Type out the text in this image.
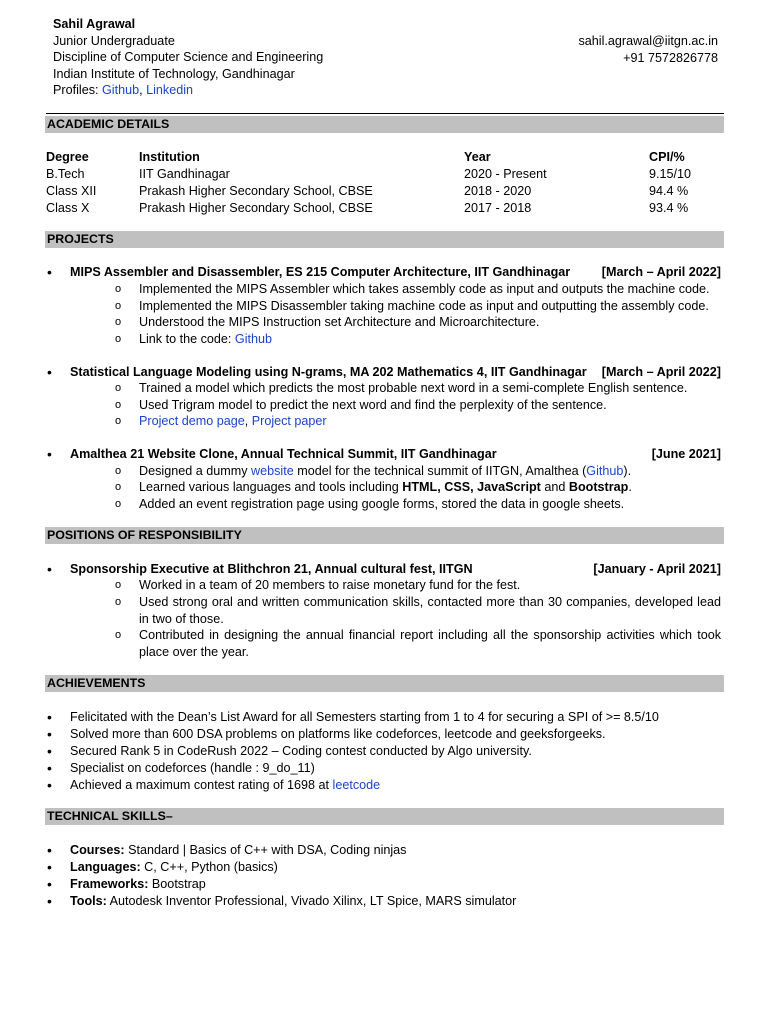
Sahil Agrawal
Junior Undergraduate
Discipline of Computer Science and Engineering
Indian Institute of Technology, Gandhinagar
Profiles: Github, Linkedin
sahil.agrawal@iitgn.ac.in
+91 7572826778
ACADEMIC DETAILS
Degree	Institution	Year	CPI/%
B.Tech	IIT Gandhinagar	2020 - Present	9.15/10
Class XII	Prakash Higher Secondary School, CBSE	2018 - 2020	94.4 %
Class X	Prakash Higher Secondary School, CBSE	2017 - 2018	93.4 %
PROJECTS
•
MIPS Assembler and Disassembler, ES 215 Computer Architecture, IIT Gandhinagar	[March – April 2022]
o Implemented the MIPS Assembler which takes assembly code as input and outputs the machine code.
o Implemented the MIPS Disassembler taking machine code as input and outputting the assembly code.
o Understood the MIPS Instruction set Architecture and Microarchitecture.
o Link to the code: Github
•
Statistical Language Modeling using N-grams, MA 202 Mathematics 4, IIT Gandhinagar [March – April 2022]
o Trained a model which predicts the most probable next word in a semi-complete English sentence.
o Used Trigram model to predict the next word and find the perplexity of the sentence.
o Project demo page, Project paper
•
Amalthea 21 Website Clone, Annual Technical Summit, IIT Gandhinagar	[June 2021]
o Designed a dummy website model for the technical summit of IITGN, Amalthea (Github).
o Learned various languages and tools including HTML, CSS, JavaScript and Bootstrap.
o Added an event registration page using google forms, stored the data in google sheets.
POSITIONS OF RESPONSIBILITY
•
Sponsorship Executive at Blithchron 21, Annual cultural fest, IITGN	[January - April 2021]
o Worked in a team of 20 members to raise monetary fund for the fest.
o Used strong oral and written communication skills, contacted more than 30 companies, developed lead in two of those.
o Contributed in designing the annual financial report including all the sponsorship activities which took place over the year.
ACHIEVEMENTS
•
Felicitated with the Dean’s List Award for all Semesters starting from 1 to 4 for securing a SPI of >= 8.5/10
•
Solved more than 600 DSA problems on platforms like codeforces, leetcode and geeksforgeeks.
•
Secured Rank 5 in CodeRush 2022 – Coding contest conducted by Algo university.
•
Specialist on codeforces (handle : 9_do_11)
•
Achieved a maximum contest rating of 1698 at leetcode
TECHNICAL SKILLS–
•
Courses: Standard | Basics of C++ with DSA, Coding ninjas
•
Languages: C, C++, Python (basics)
•
Frameworks: Bootstrap
•
Tools: Autodesk Inventor Professional, Vivado Xilinx, LT Spice, MARS simulator
